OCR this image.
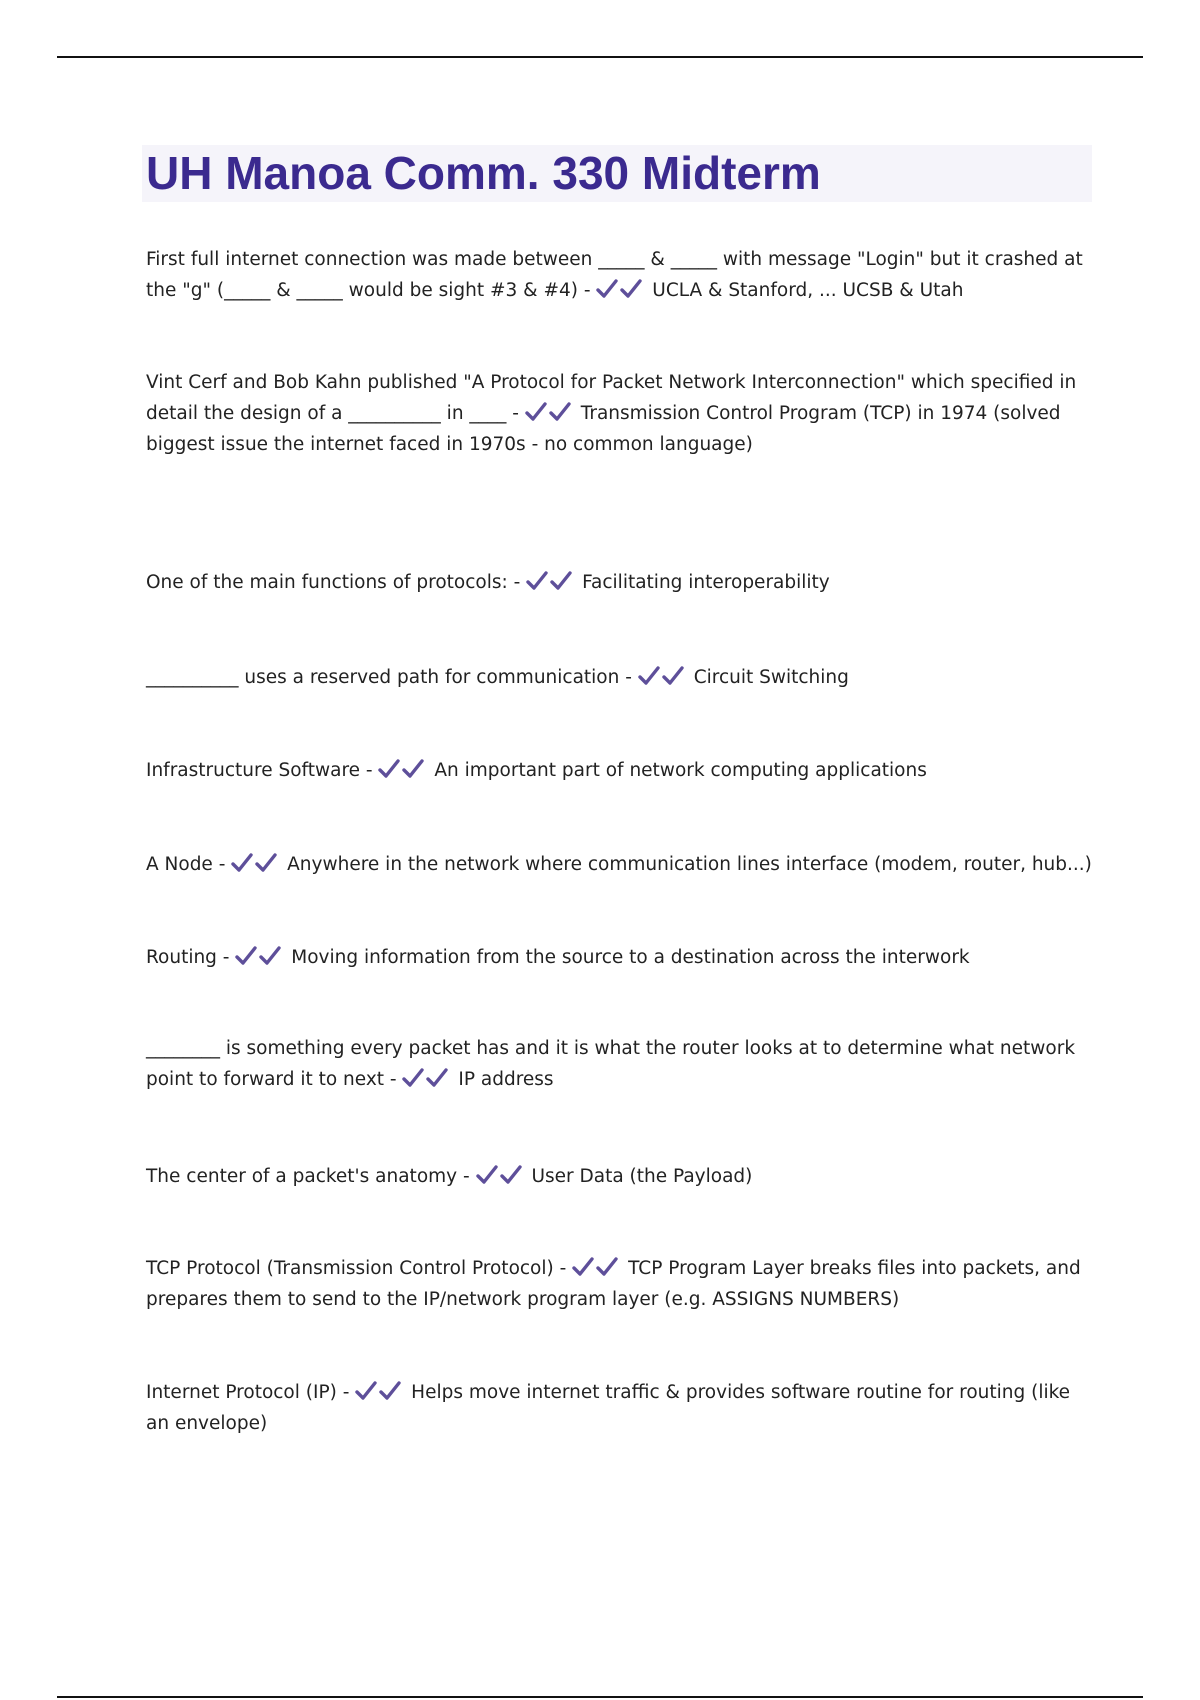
UH Manoa Comm. 330 Midterm
First full internet connection was made between _____ & _____ with message "Login" but it crashed at the "g" (_____ & _____ would be sight #3 & #4) -	UCLA & Stanford, ... UCSB & Utah
Vint Cerf and Bob Kahn published "A Protocol for Packet Network Interconnection" which specified in detail the design of a __________ in ____ -	Transmission Control Program (TCP) in 1974 (solved biggest issue the internet faced in 1970s - no common language)
One of the main functions of protocols: -	Facilitating interoperability
__________ uses a reserved path for communication -	Circuit Switching
Infrastructure Software -	An important part of network computing applications
A Node -	Anywhere in the network where communication lines interface (modem, router, hub...)
Routing -	Moving information from the source to a destination across the interwork
________ is something every packet has and it is what the router looks at to determine what network point to forward it to next -	IP address
The center of a packet's anatomy -	User Data (the Payload)
TCP Protocol (Transmission Control Protocol) -	TCP Program Layer breaks files into packets, and prepares them to send to the IP/network program layer (e.g. ASSIGNS NUMBERS)
Internet Protocol (IP) -	Helps move internet traffic & provides software routine for routing (like an envelope)
